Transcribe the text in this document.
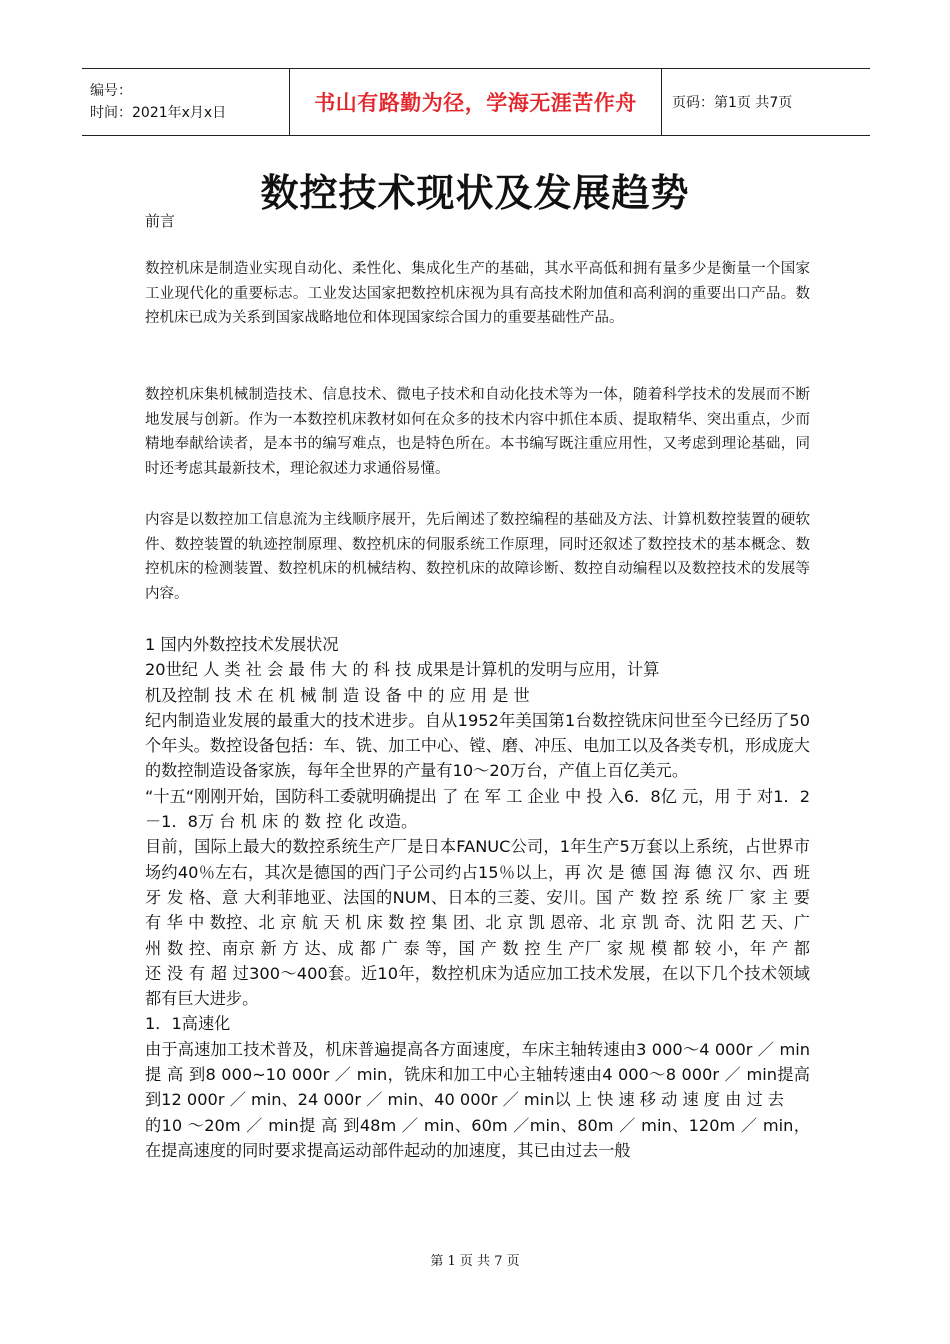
编号：
时间：2021年x月x日	书山有路勤为径，学海无涯苦作舟	页码：第1页 共7页
数控技术现状及发展趋势
前言
数控机床是制造业实现自动化、柔性化、集成化生产的基础，其水平高低和拥有量多少是衡量一个国家工业现代化的重要标志。工业发达国家把数控机床视为具有高技术附加值和高利润的重要出口产品。数控机床已成为关系到国家战略地位和体现国家综合国力的重要基础性产品。
数控机床集机械制造技术、信息技术、微电子技术和自动化技术等为一体，随着科学技术的发展而不断地发展与创新。作为一本数控机床教材如何在众多的技术内容中抓住本质、提取精华、突出重点，少而精地奉献给读者，是本书的编写难点，也是特色所在。本书编写既注重应用性，又考虑到理论基础，同时还考虑其最新技术，理论叙述力求通俗易懂。
内容是以数控加工信息流为主线顺序展开，先后阐述了数控编程的基础及方法、计算机数控装置的硬软件、数控装置的轨迹控制原理、数控机床的伺服系统工作原理，同时还叙述了数控技术的基本概念、数控机床的检测装置、数控机床的机械结构、数控机床的故障诊断、数控自动编程以及数控技术的发展等内容。

1 国内外数控技术发展状况

20世纪 人 类 社 会 最 伟 大 的 科 技 成果是计算机的发明与应用，计算

机及控制 技 术 在 机 械 制 造 设 备 中 的 应 用 是 世

纪内制造业发展的最重大的技术进步。自从1952年美国第1台数控铣床问世至今已经历了50个年头。数控设备包括：车、铣、加工中心、镗、磨、冲压、电加工以及各类专机，形成庞大的数控制造设备家族，每年全世界的产量有10～20万台，产值上百亿美元。

“十五“刚刚开始，国防科工委就明确提出 了 在 军 工 企业 中 投 入6．8亿 元，用 于 对1．2 －1．8万 台 机 床 的 数 控 化 改造。

目前，国际上最大的数控系统生产厂是日本FANUC公司，1年生产5万套以上系统，占世界市场约40％左右，其次是德国的西门子公司约占15％以上，再 次 是 德 国 海 德 汉 尔、西 班 牙 发 格、意 大利菲地亚、法国的NUM、日本的三菱、安川。国 产 数 控 系 统 厂 家 主 要 有 华 中 数控、北 京 航 天 机 床 数 控 集 团、北 京 凯 恩帝、北 京 凯 奇、沈 阳 艺 天、广 州 数 控、南京 新 方 达、成 都 广 泰 等，国 产 数 控 生 产厂 家 规 模 都 较 小，年 产 都 还 没 有 超 过300～400套。近10年，数控机床为适应加工技术发展，在以下几个技术领域都有巨大进步。

1．1高速化

由于高速加工技术普及，机床普遍提高各方面速度，车床主轴转速由3 000～4 000r ／ min提 高 到8 000~10 000r ／ min，铣床和加工中心主轴转速由4 000～8 000r ／ min提高到12 000r ／ min、24 000r ／ min、40 000r ／ min以 上 快 速 移 动 速 度 由 过 去

的10 ～20m ／ min提 高 到48m ／ min、60m ／min、80m ／ min、120m ／ min，在提高速度的同时要求提高运动部件起动的加速度，其已由过去一般

第 1 页 共 7 页
